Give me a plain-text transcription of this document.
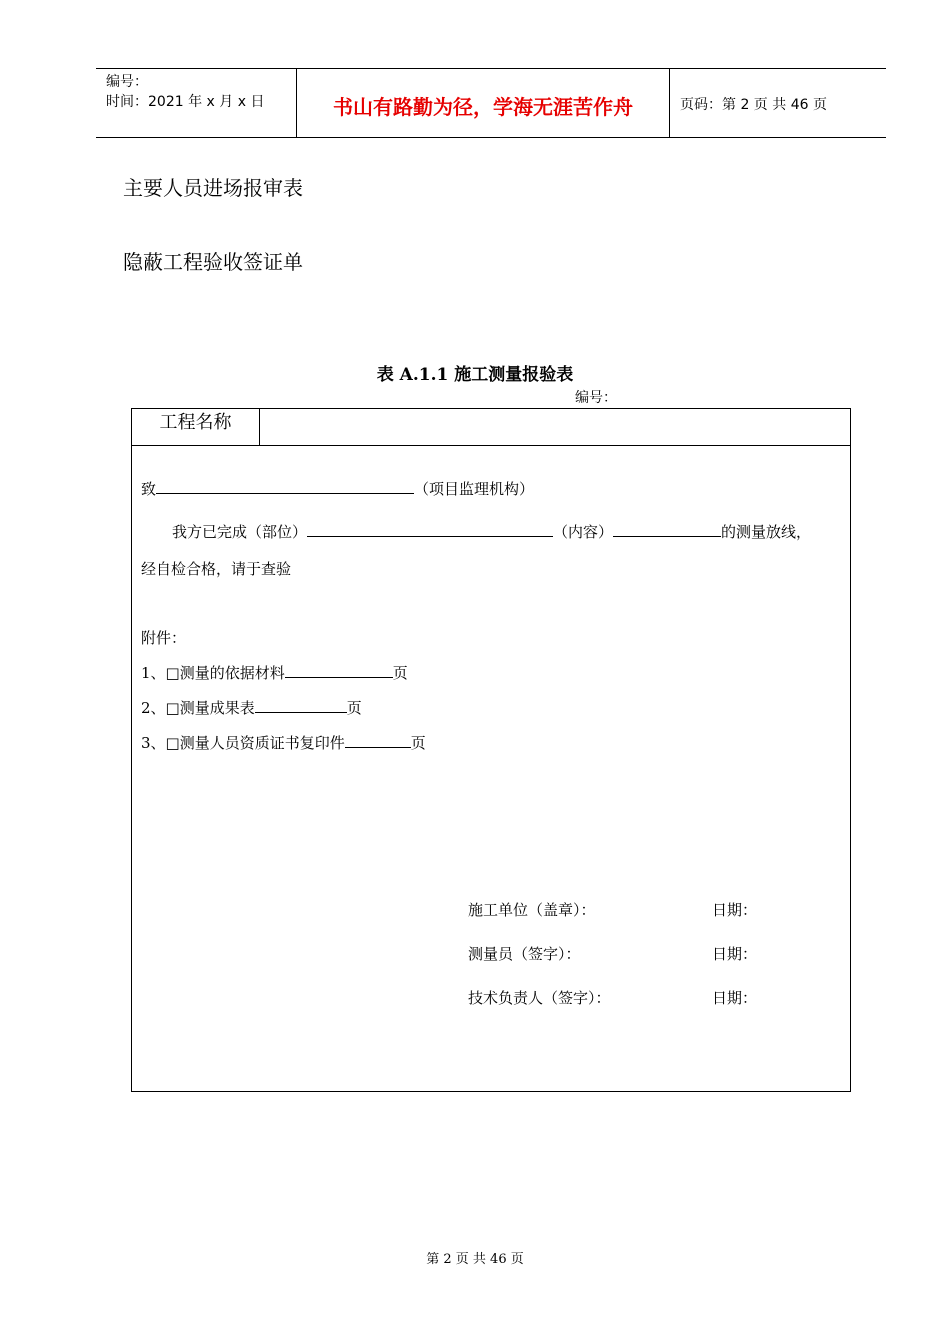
编号：
时间：2021 年 x 月 x 日	书山有路勤为径，学海无涯苦作舟	页码：第 2 页 共 46 页
主要人员进场报审表
隐蔽工程验收签证单
表 A.1.1 施工测量报验表
编号：
工程名称
致	（项目监理机构）
我方已完成（部位）	（内容）	的测量放线，
经自检合格，请于查验
附件：
1、□测量的依据材料	页
2、□测量成果表	页
3、□测量人员资质证书复印件	页
施工单位（盖章）：	日期：
测量员（签字）：	日期：
技术负责人（签字）：	日期：
第 2 页 共 46 页
